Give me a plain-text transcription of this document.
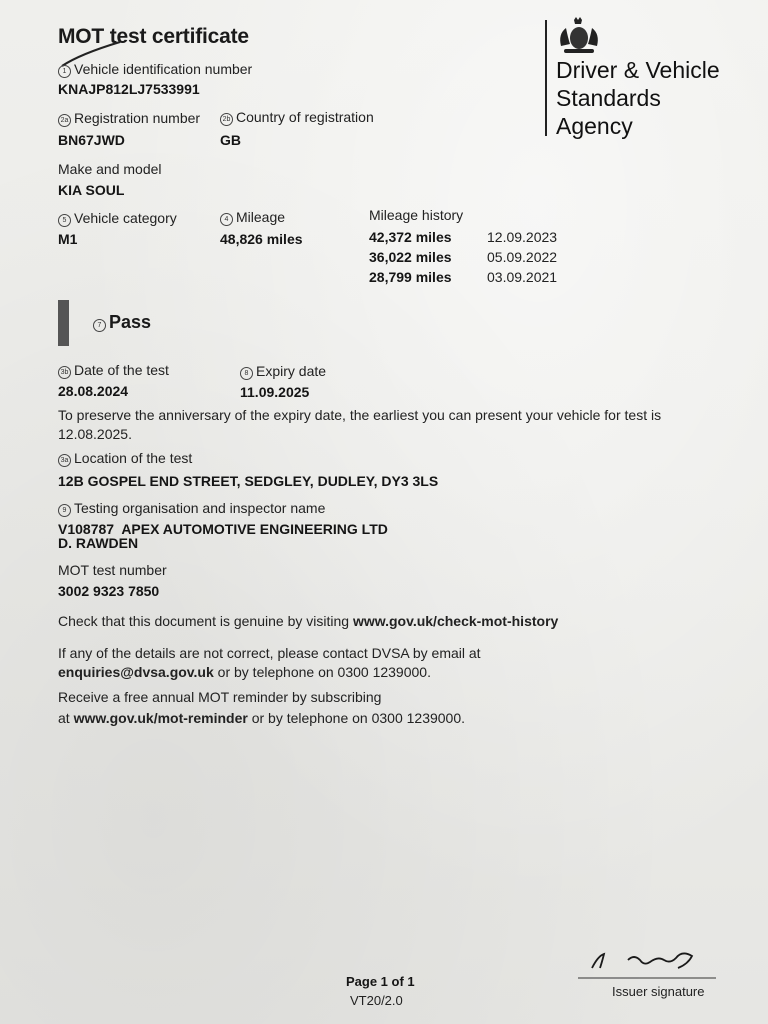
MOT test certificate
Driver & Vehicle
Standards
Agency
1 Vehicle identification number
KNAJP812LJ7533991
2a Registration number
BN67JWD
2b Country of registration
GB
Make and model
KIA SOUL
5 Vehicle category
M1
4 Mileage
48,826 miles
Mileage history
42,372 miles	12.09.2023
36,022 miles	05.09.2022
28,799 miles	03.09.2021
7 Pass
3b Date of the test
28.08.2024
8 Expiry date
11.09.2025
To preserve the anniversary of the expiry date, the earliest you can present your vehicle for test is
12.08.2025.
3a Location of the test
12B GOSPEL END STREET, SEDGLEY, DUDLEY, DY3 3LS
9 Testing organisation and inspector name
V108787  APEX AUTOMOTIVE ENGINEERING LTD
D. RAWDEN
MOT test number
3002 9323 7850
Check that this document is genuine by visiting www.gov.uk/check-mot-history
If any of the details are not correct, please contact DVSA by email at
enquiries@dvsa.gov.uk or by telephone on 0300 1239000.
Receive a free annual MOT reminder by subscribing
at www.gov.uk/mot-reminder or by telephone on 0300 1239000.
Page 1 of 1
VT20/2.0
Issuer signature
